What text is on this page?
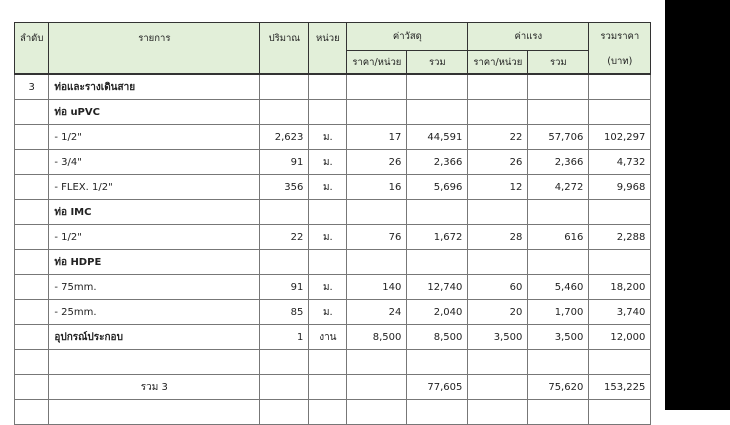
ลำดับ	รายการ	ปริมาณ	หน่วย	ค่าวัสดุ		ค่าแรง		รวมราคา
				ราคา/หน่วย	รวม	ราคา/หน่วย	รวม	(บาท)
3	ท่อและรางเดินสาย							
	ท่อ uPVC							
	- 1/2"	2,623	ม.	17	44,591	22	57,706	102,297
	- 3/4"	91	ม.	26	2,366	26	2,366	4,732
	- FLEX. 1/2"	356	ม.	16	5,696	12	4,272	9,968
	ท่อ IMC							
	- 1/2"	22	ม.	76	1,672	28	616	2,288
	ท่อ HDPE							
	- 75mm.	91	ม.	140	12,740	60	5,460	18,200
	- 25mm.	85	ม.	24	2,040	20	1,700	3,740
	อุปกรณ์ประกอบ	1	งาน	8,500	8,500	3,500	3,500	12,000

	รวม 3				77,605		75,620	153,225
